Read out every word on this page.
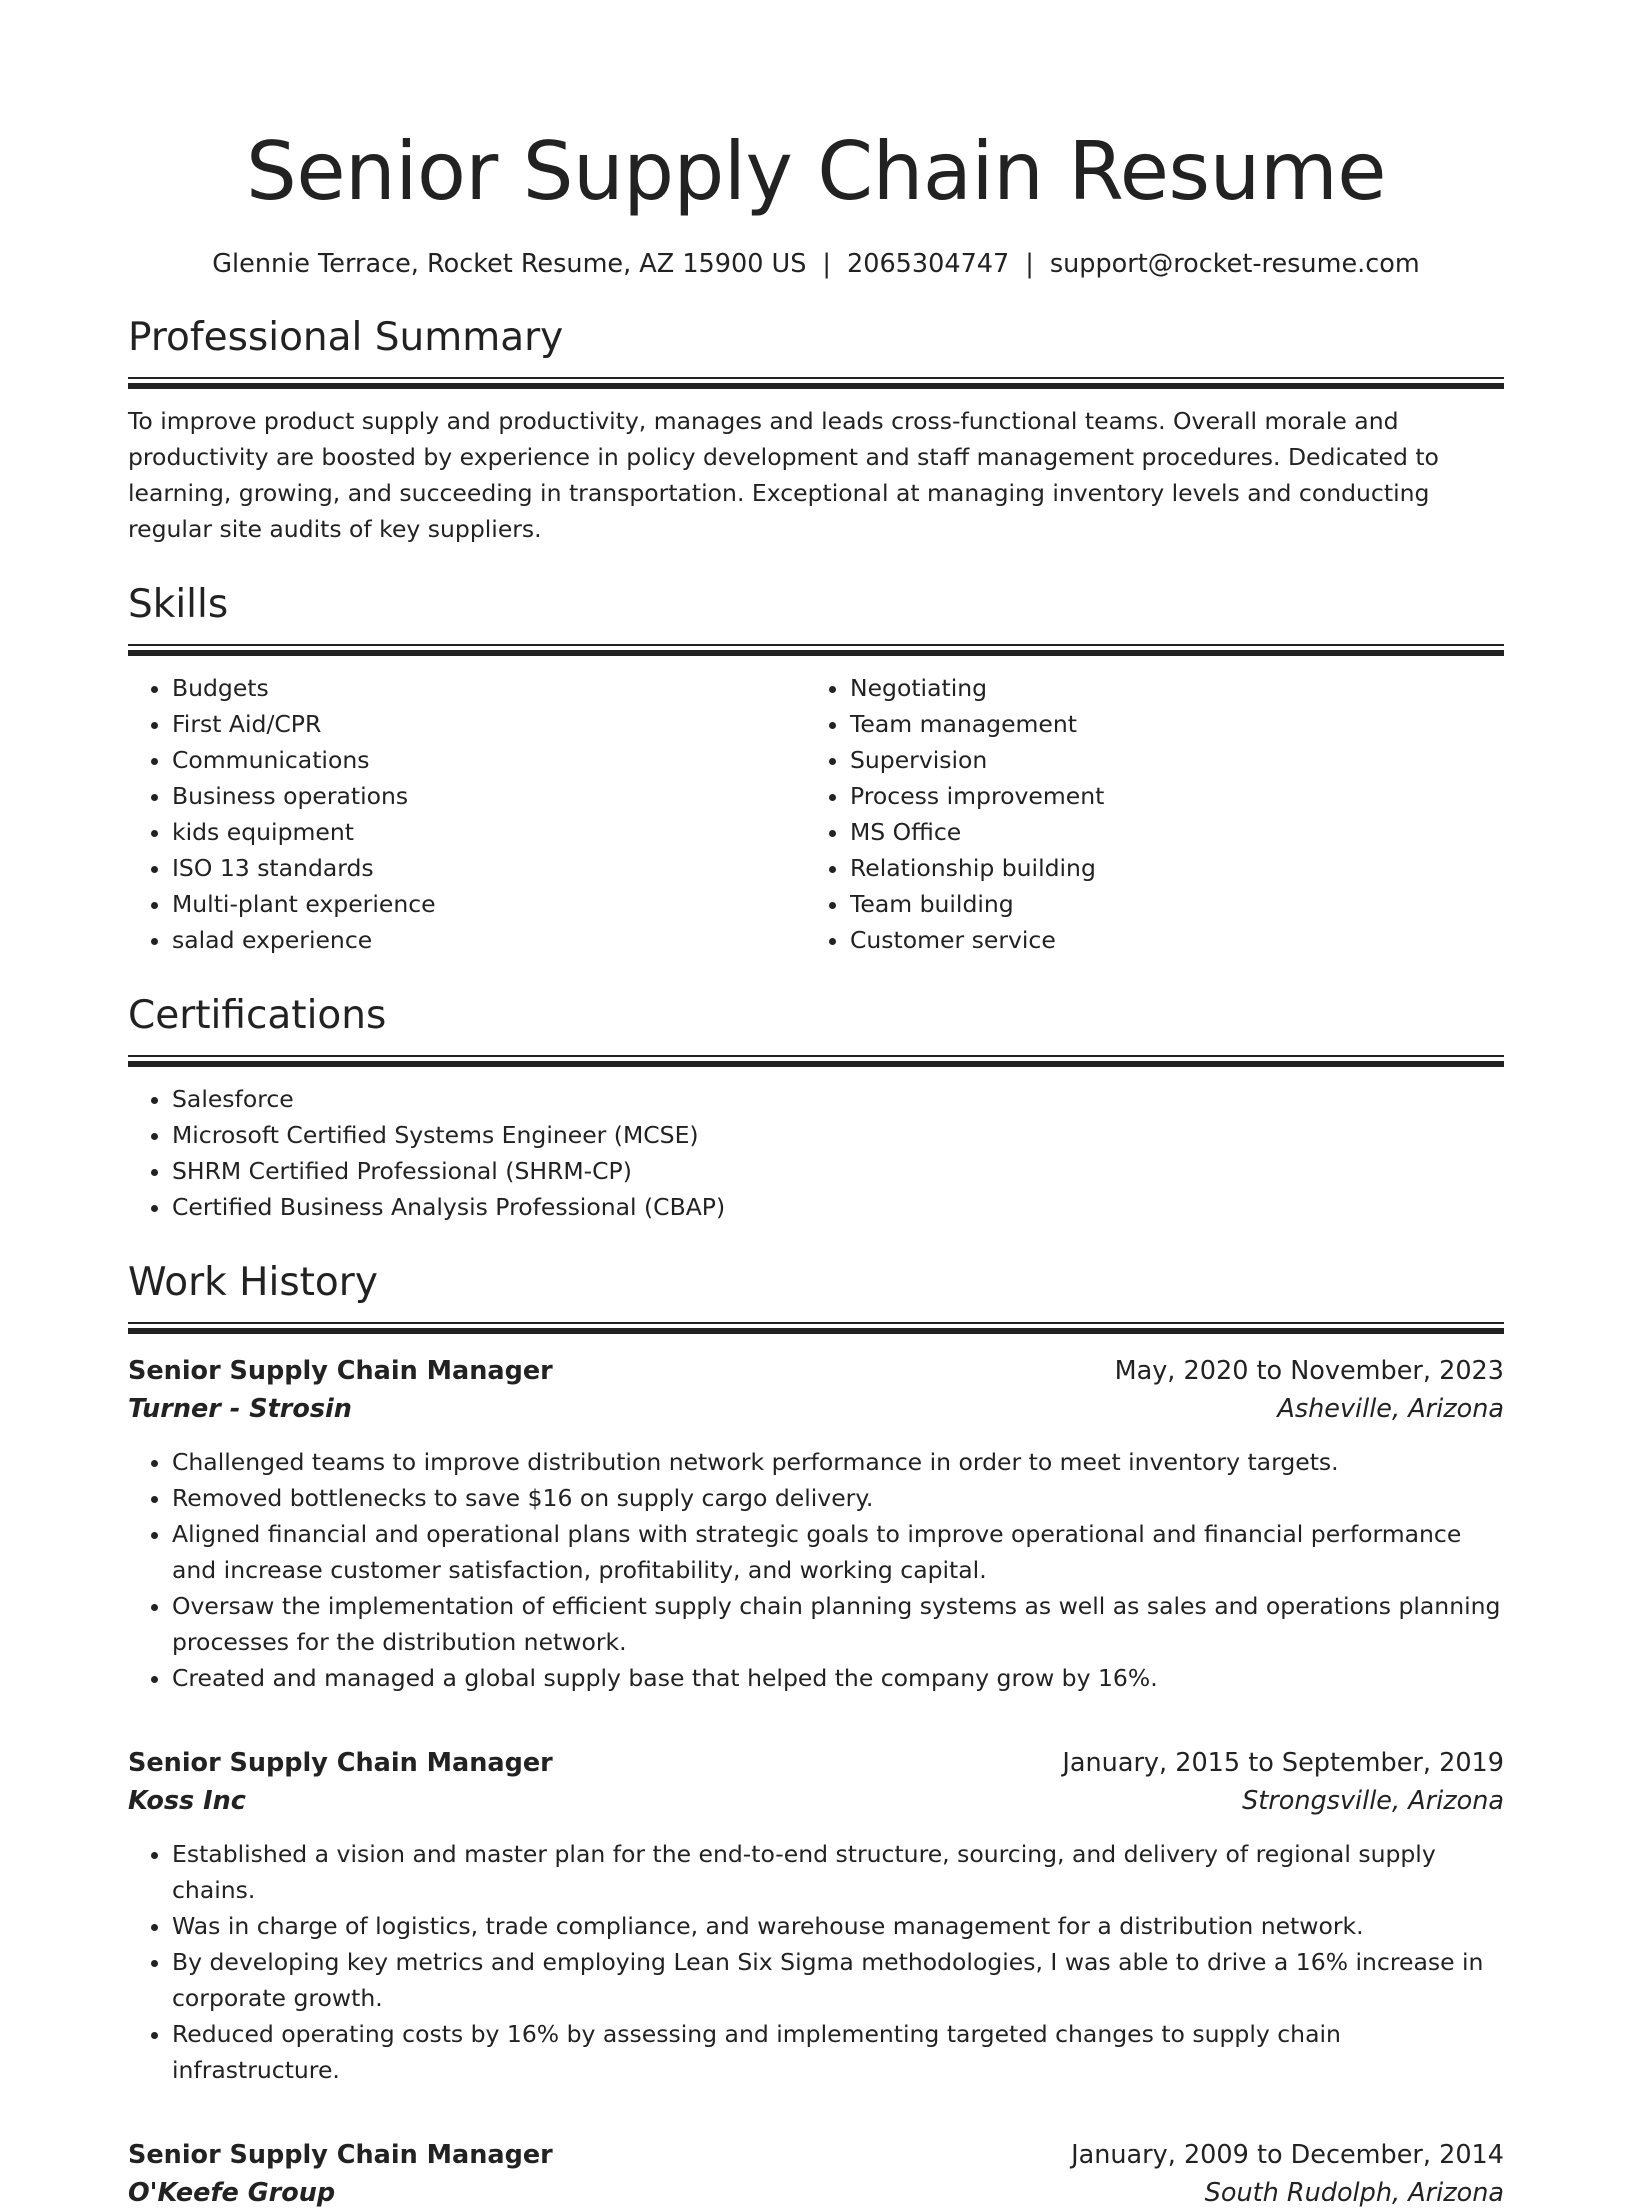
Senior Supply Chain Resume
Glennie Terrace, Rocket Resume, AZ 15900 US | 2065304747 | support@rocket-resume.com
Professional Summary

To improve product supply and productivity, manages and leads cross-functional teams. Overall morale and productivity are boosted by experience in policy development and staff management procedures. Dedicated to learning, growing, and succeeding in transportation. Exceptional at managing inventory levels and conducting regular site audits of key suppliers.

Skills
• Budgets
• First Aid/CPR
• Communications
• Business operations
• kids equipment
• ISO 13 standards
• Multi-plant experience
• salad experience
• Negotiating
• Team management
• Supervision
• Process improvement
• MS Office
• Relationship building
• Team building
• Customer service
Certifications
• Salesforce
• Microsoft Certified Systems Engineer (MCSE)
• SHRM Certified Professional (SHRM-CP)
• Certified Business Analysis Professional (CBAP)
Work History
Senior Supply Chain Manager	May, 2020 to November, 2023
Turner - Strosin	Asheville, Arizona
• Challenged teams to improve distribution network performance in order to meet inventory targets.
• Removed bottlenecks to save $16 on supply cargo delivery.
• Aligned financial and operational plans with strategic goals to improve operational and financial performance and increase customer satisfaction, profitability, and working capital.
• Oversaw the implementation of efficient supply chain planning systems as well as sales and operations planning processes for the distribution network.
• Created and managed a global supply base that helped the company grow by 16%.
Senior Supply Chain Manager	January, 2015 to September, 2019
Koss Inc	Strongsville, Arizona
• Established a vision and master plan for the end-to-end structure, sourcing, and delivery of regional supply chains.
• Was in charge of logistics, trade compliance, and warehouse management for a distribution network.
• By developing key metrics and employing Lean Six Sigma methodologies, I was able to drive a 16% increase in corporate growth.
• Reduced operating costs by 16% by assessing and implementing targeted changes to supply chain infrastructure.
Senior Supply Chain Manager	January, 2009 to December, 2014
O'Keefe Group	South Rudolph, Arizona
